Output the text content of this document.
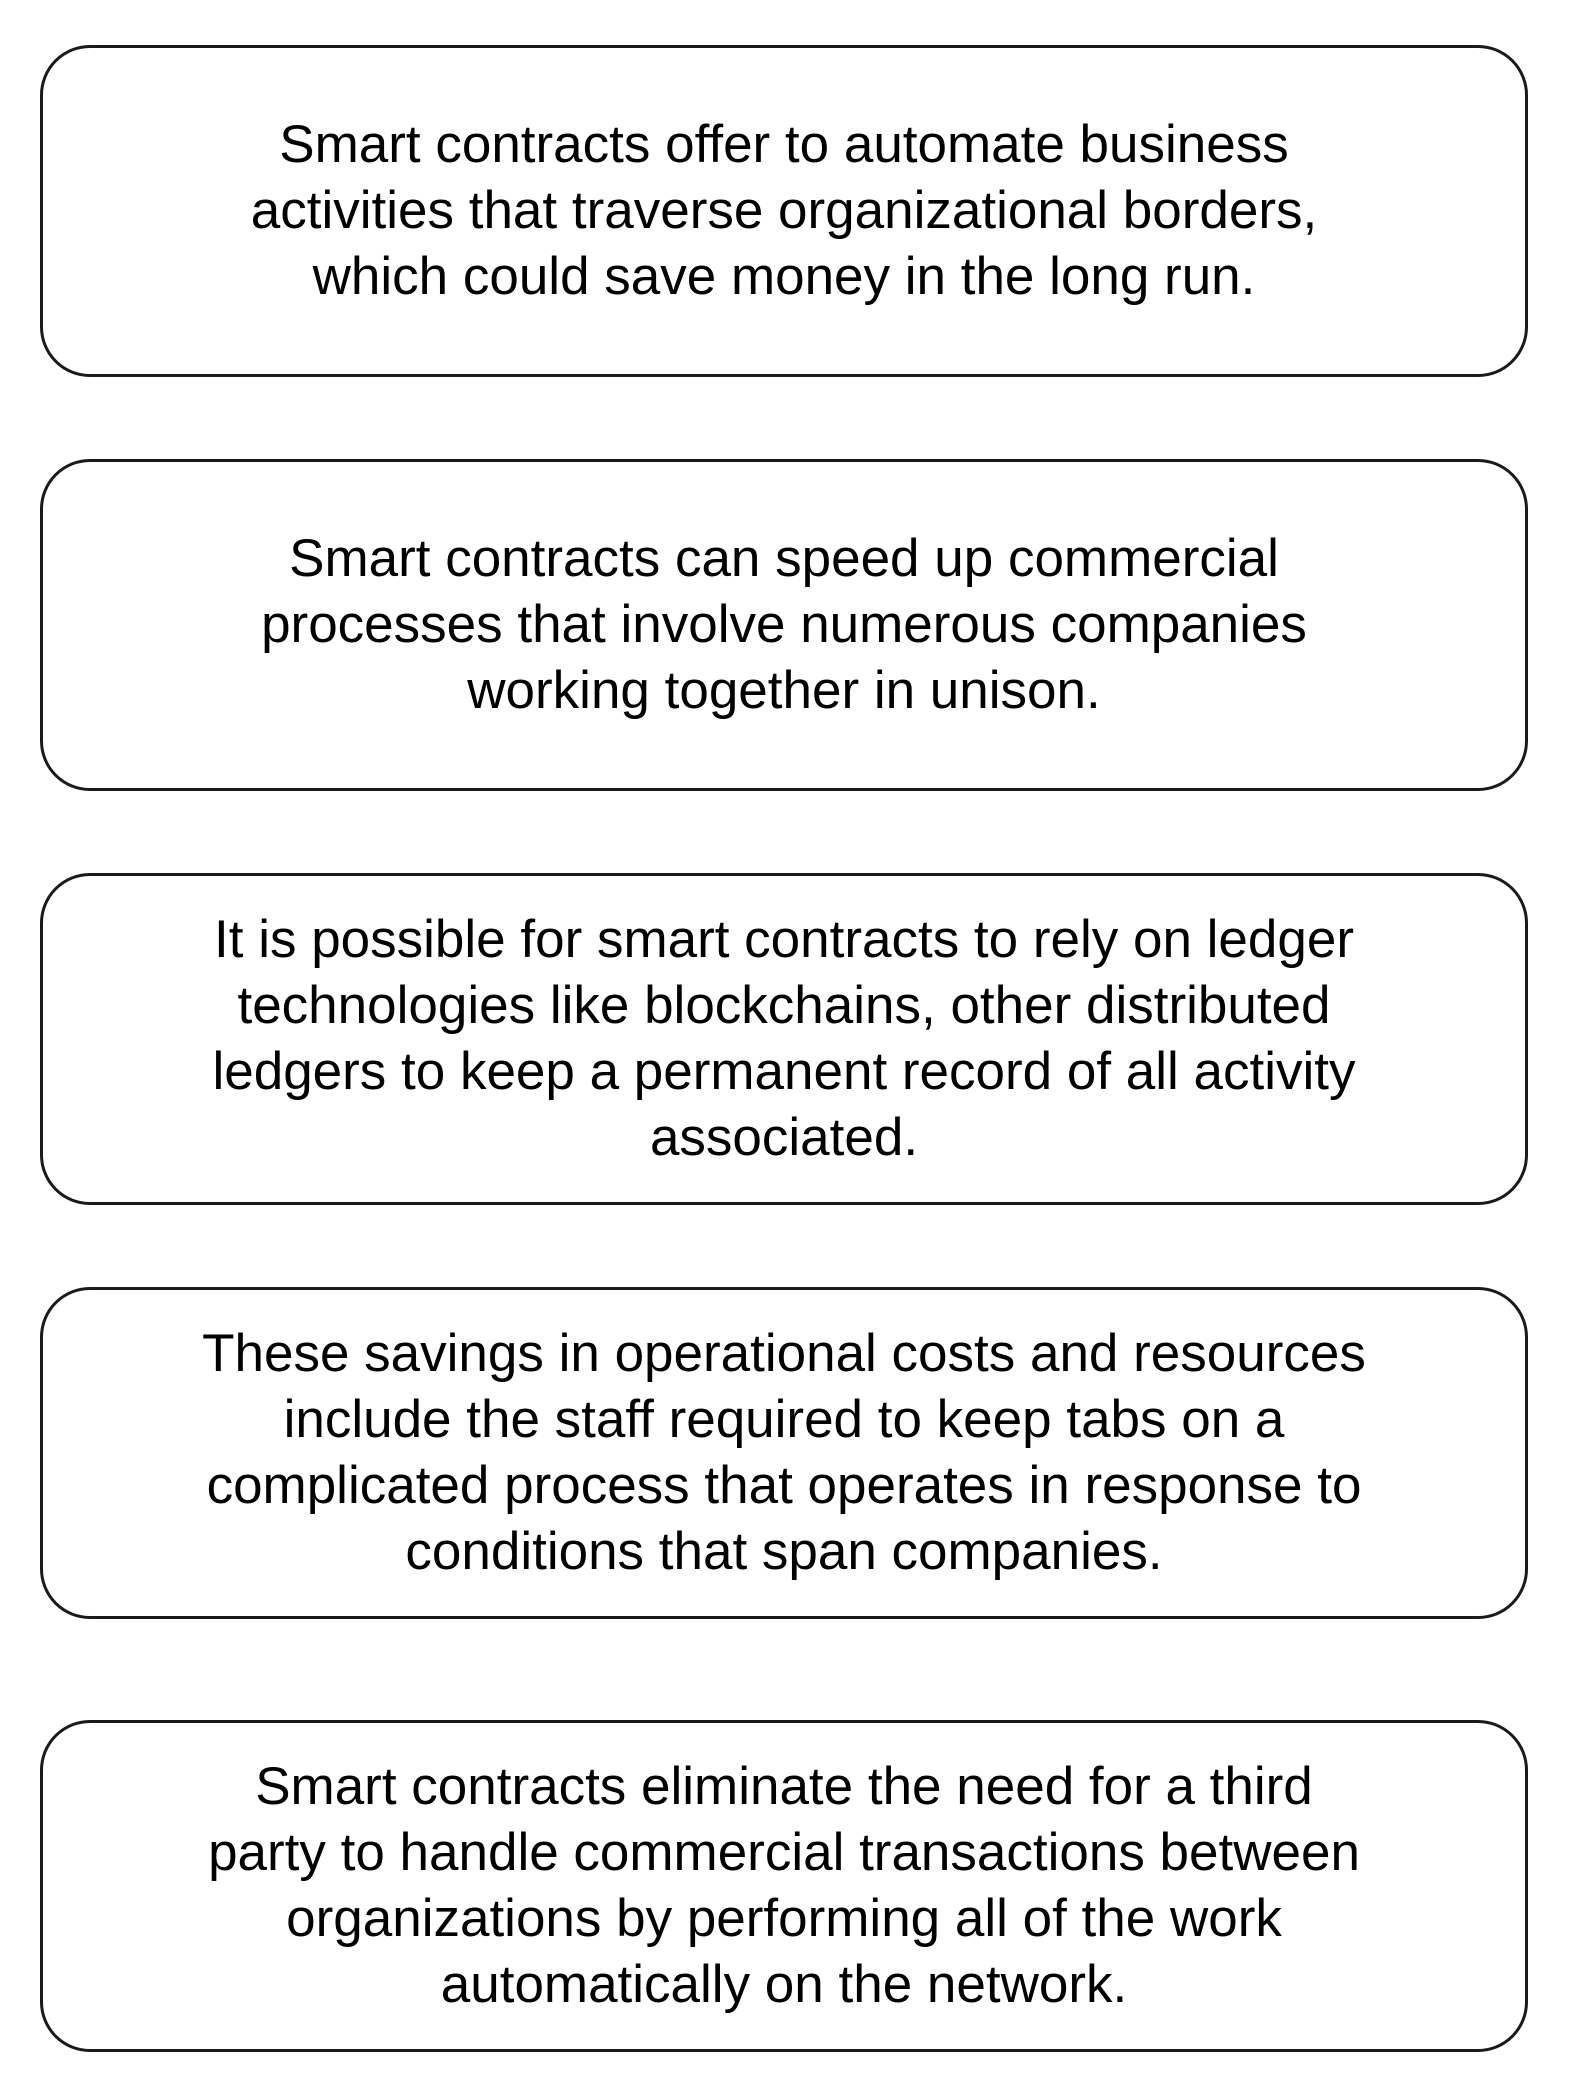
Smart contracts offer to automate business
activities that traverse organizational borders,
which could save money in the long run.
Smart contracts can speed up commercial
processes that involve numerous companies
working together in unison.
It is possible for smart contracts to rely on ledger
technologies like blockchains, other distributed
ledgers to keep a permanent record of all activity
associated.
These savings in operational costs and resources
include the staff required to keep tabs on a
complicated process that operates in response to
conditions that span companies.
Smart contracts eliminate the need for a third
party to handle commercial transactions between
organizations by performing all of the work
automatically on the network.
